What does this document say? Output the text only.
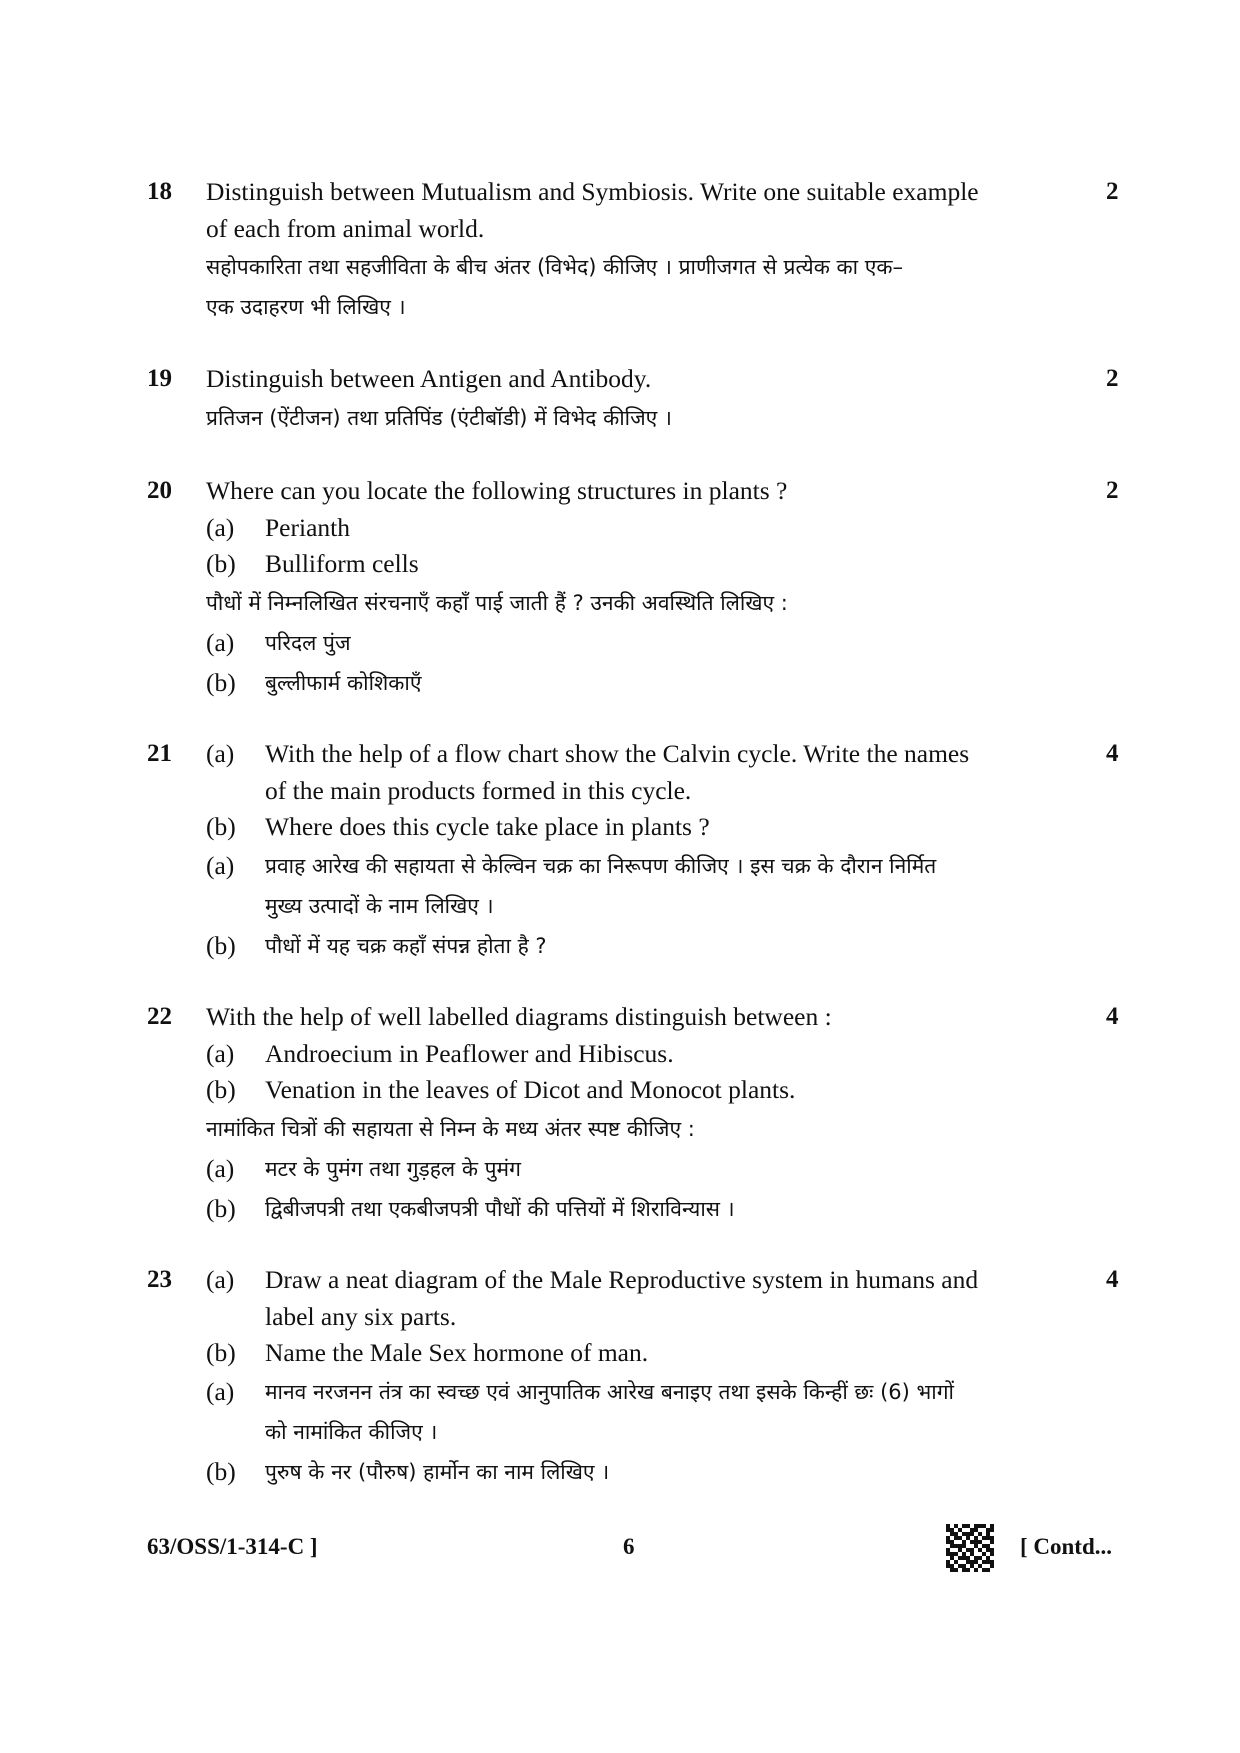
18	2
Distinguish between Mutualism and Symbiosis. Write one suitable example
of each from animal world.
सहोपकारिता तथा सहजीविता के बीच अंतर (विभेद) कीजिए । प्राणीजगत से प्रत्येक का एक–
एक उदाहरण भी लिखिए ।
19	2
Distinguish between Antigen and Antibody.
प्रतिजन (ऐंटीजन) तथा प्रतिपिंड (एंटीबॉडी) में विभेद कीजिए ।
20	2
Where can you locate the following structures in plants ?
(a)	Perianth
(b)	Bulliform cells
पौधों में निम्नलिखित संरचनाएँ कहाँ पाई जाती हैं ? उनकी अवस्थिति लिखिए :
(a)	परिदल पुंज
(b)	बुल्लीफार्म कोशिकाएँ
21	4
(a)	With the help of a flow chart show the Calvin cycle. Write the names
of the main products formed in this cycle.
(b)	Where does this cycle take place in plants ?
(a)	प्रवाह आरेख की सहायता से केल्विन चक्र का निरूपण कीजिए । इस चक्र के दौरान निर्मित
मुख्य उत्पादों के नाम लिखिए ।
(b)	पौधों में यह चक्र कहाँ संपन्न होता है ?
22	4
With the help of well labelled diagrams distinguish between :
(a)	Androecium in Peaflower and Hibiscus.
(b)	Venation in the leaves of Dicot and Monocot plants.
नामांकित चित्रों की सहायता से निम्न के मध्य अंतर स्पष्ट कीजिए :
(a)	मटर के पुमंग तथा गुड़हल के पुमंग
(b)	द्विबीजपत्री तथा एकबीजपत्री पौधों की पत्तियों में शिराविन्यास ।
23	4
(a)	Draw a neat diagram of the Male Reproductive system in humans and
label any six parts.
(b)	Name the Male Sex hormone of man.
(a)	मानव नरजनन तंत्र का स्वच्छ एवं आनुपातिक आरेख बनाइए तथा इसके किन्हीं छः (6) भागों
को नामांकित कीजिए ।
(b)	पुरुष के नर (पौरुष) हार्मोन का नाम लिखिए ।
63/OSS/1-314-C ]	6	[ Contd...
